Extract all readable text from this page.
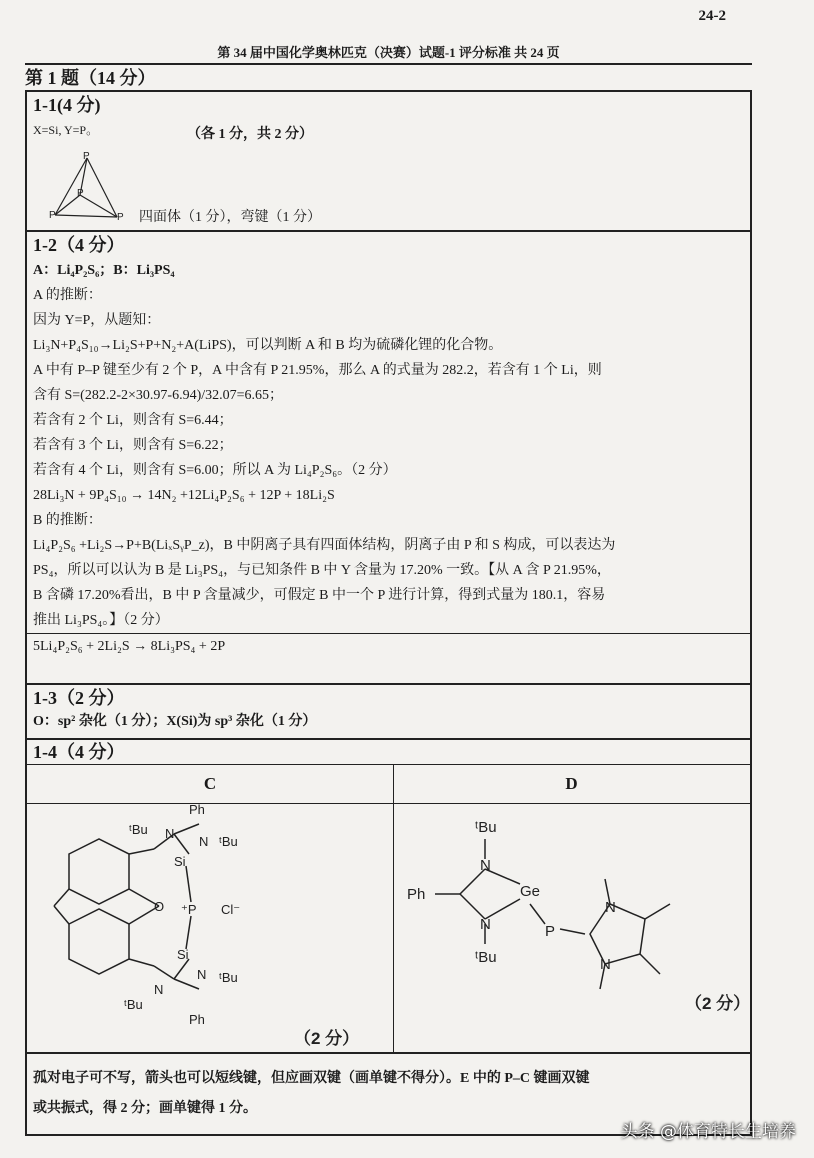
24-2
第 34 届中国化学奥林匹克（决赛）试题-1 评分标准 共 24 页
第 1 题（14 分）
1-1(4 分)
X=Si, Y=P。	（各 1 分，共 2 分）
P
P
P	P 四面体（1 分），弯键（1 分）
1-2（4 分）
A：Li₄P₂S₆；B：Li₃PS₄
A 的推断：
因为 Y=P，从题知：
Li₃N+P₄S₁₀→Li₂S+P+N₂+A(LiPS)，可以判断 A 和 B 均为硫磷化锂的化合物。
A 中有 P–P 键至少有 2 个 P，A 中含有 P 21.95%，那么 A 的式量为 282.2，若含有 1 个 Li，则
含有 S=(282.2-2×30.97-6.94)/32.07=6.65；
若含有 2 个 Li，则含有 S=6.44；
若含有 3 个 Li，则含有 S=6.22；
若含有 4 个 Li，则含有 S=6.00；所以 A 为 Li₄P₂S₆。（2 分）
28Li₃N + 9P₄S₁₀ → 14N₂ +12Li₄P₂S₆ + 12P + 18Li₂S
B 的推断：
Li₄P₂S₆ +Li₂S→P+B(LiₓSᵧP_z)，B 中阴离子具有四面体结构，阴离子由 P 和 S 构成，可以表达为
PS₄，所以可以认为 B 是 Li₃PS₄，与已知条件 B 中 Y 含量为 17.20% 一致。【从 A 含 P 21.95%，
B 含磷 17.20%看出，B 中 P 含量减少，可假定 B 中一个 P 进行计算，得到式量为 180.1，容易
推出 Li₃PS₄。】（2 分）
5Li₄P₂S₆ + 2Li₂S → 8Li₃PS₄ + 2P
1-3（2 分）
O：sp² 杂化（1 分）；X(Si)为 sp³ 杂化（1 分）
1-4（4 分）
C	D
Ph
ᵗBu
ᵗBu
N
N
Si
O ⁺P Cl⁻
Si
N ᵗBu
N
ᵗBu
Ph
（2 分）
ᵗBu
N
Ph	Ge
N
ᵗBu
P
N
N
（2 分）
孤对电子可不写，箭头也可以短线键，但应画双键（画单键不得分）。E 中的 P–C 键画双键
或共振式，得 2 分；画单键得 1 分。
头条 @体育特长生培养
